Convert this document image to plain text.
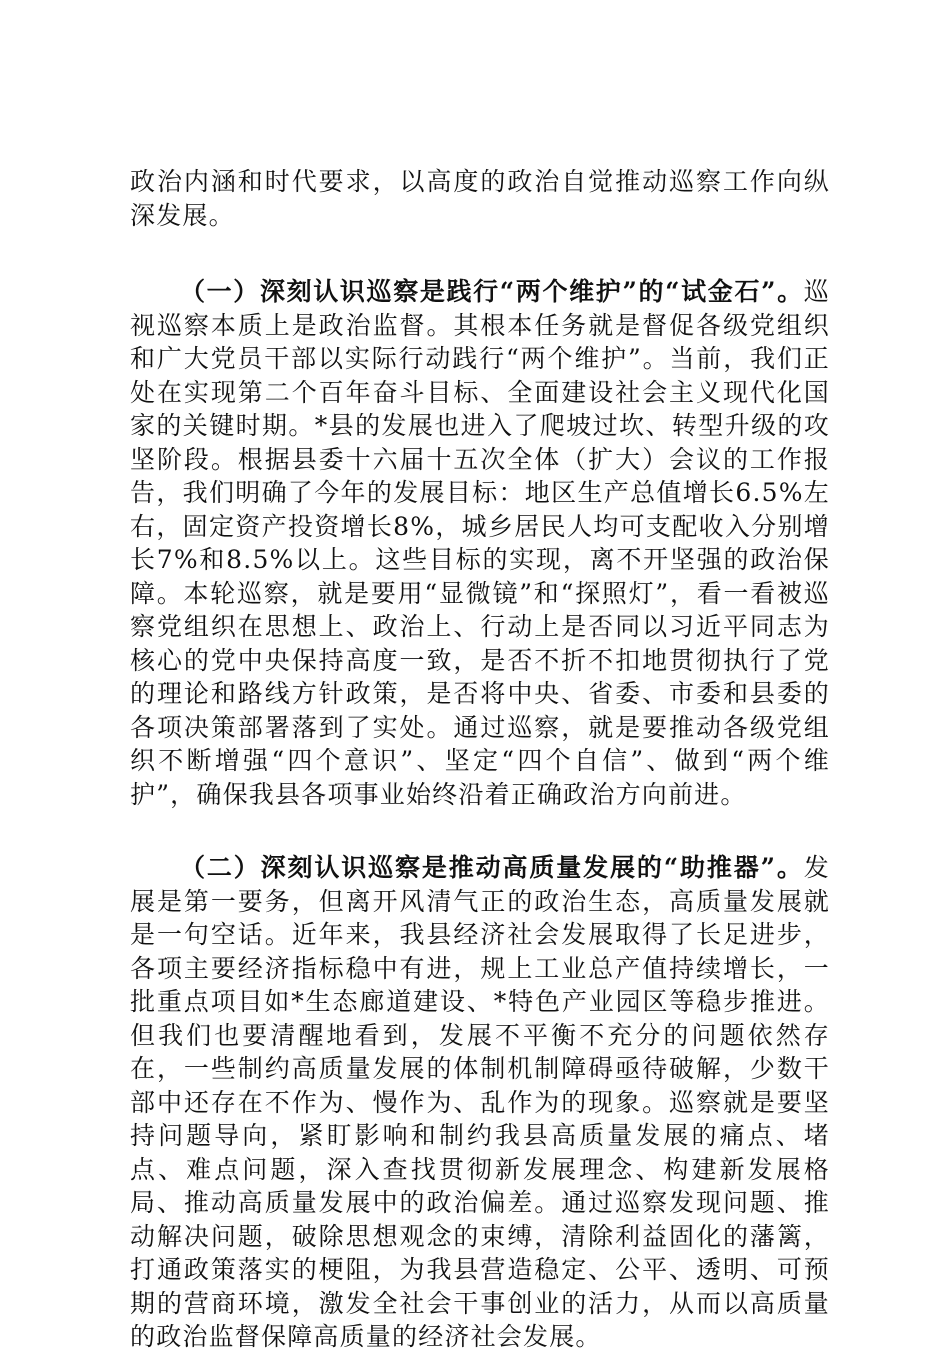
政治内涵和时代要求，以高度的政治自觉推动巡察工作向纵深发展。

（一）深刻认识巡察是践行“两个维护”的“试金石”。巡视巡察本质上是政治监督。其根本任务就是督促各级党组织和广大党员干部以实际行动践行“两个维护”。当前，我们正处在实现第二个百年奋斗目标、全面建设社会主义现代化国家的关键时期。*县的发展也进入了爬坡过坎、转型升级的攻坚阶段。根据县委十六届十五次全体（扩大）会议的工作报告，我们明确了今年的发展目标：地区生产总值增长6.5%左右，固定资产投资增长8%，城乡居民人均可支配收入分别增长7%和8.5%以上。这些目标的实现，离不开坚强的政治保障。本轮巡察，就是要用“显微镜”和“探照灯”，看一看被巡察党组织在思想上、政治上、行动上是否同以习近平同志为核心的党中央保持高度一致，是否不折不扣地贯彻执行了党的理论和路线方针政策，是否将中央、省委、市委和县委的各项决策部署落到了实处。通过巡察，就是要推动各级党组织不断增强“四个意识”、坚定“四个自信”、做到“两个维护”，确保我县各项事业始终沿着正确政治方向前进。

（二）深刻认识巡察是推动高质量发展的“助推器”。发展是第一要务，但离开风清气正的政治生态，高质量发展就是一句空话。近年来，我县经济社会发展取得了长足进步，各项主要经济指标稳中有进，规上工业总产值持续增长，一批重点项目如*生态廊道建设、*特色产业园区等稳步推进。但我们也要清醒地看到，发展不平衡不充分的问题依然存在，一些制约高质量发展的体制机制障碍亟待破解，少数干部中还存在不作为、慢作为、乱作为的现象。巡察就是要坚持问题导向，紧盯影响和制约我县高质量发展的痛点、堵点、难点问题，深入查找贯彻新发展理念、构建新发展格局、推动高质量发展中的政治偏差。通过巡察发现问题、推动解决问题，破除思想观念的束缚，清除利益固化的藩篱，打通政策落实的梗阻，为我县营造稳定、公平、透明、可预期的营商环境，激发全社会干事创业的活力，从而以高质量的政治监督保障高质量的经济社会发展。
